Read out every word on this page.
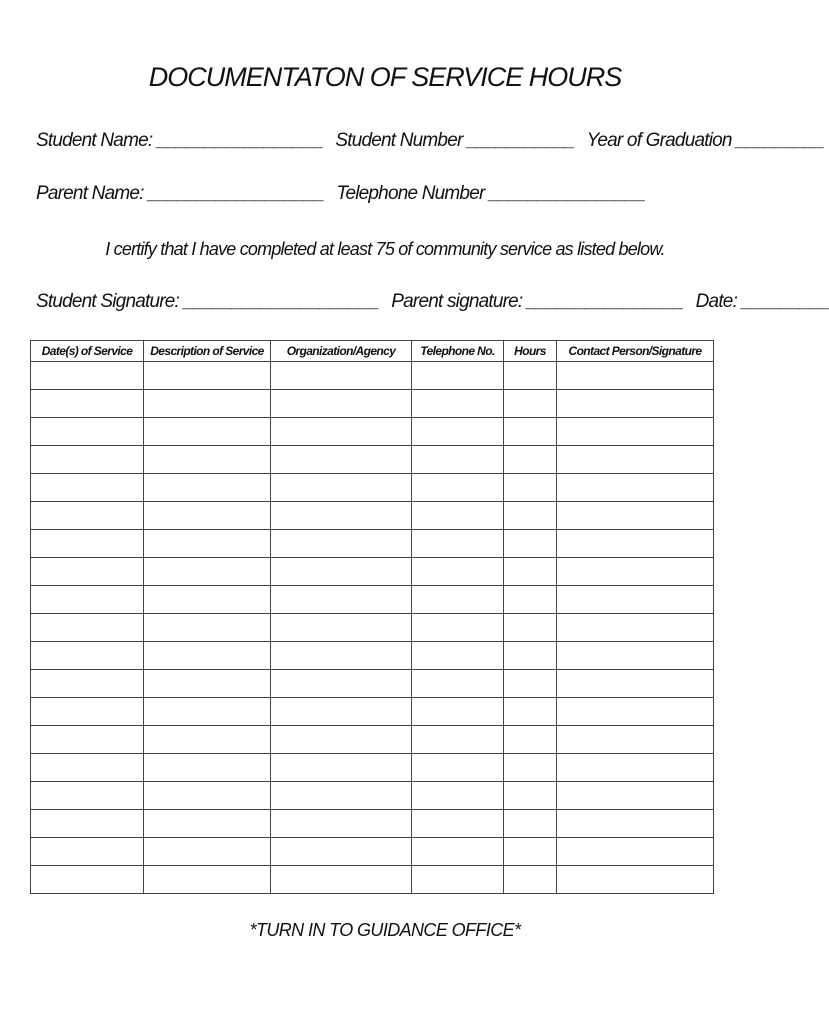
DOCUMENTATON OF SERVICE HOURS
Student Name: _________________ Student Number ___________ Year of Graduation _________
Parent Name: __________________ Telephone Number ________________
I certify that I have completed at least 75 of community service as listed below.
Student Signature: ____________________ Parent signature: ________________ Date: _________
Date(s) of Service	Description of Service	Organization/Agency	Telephone No.	Hours	Contact Person/Signature

*TURN IN TO GUIDANCE OFFICE*
